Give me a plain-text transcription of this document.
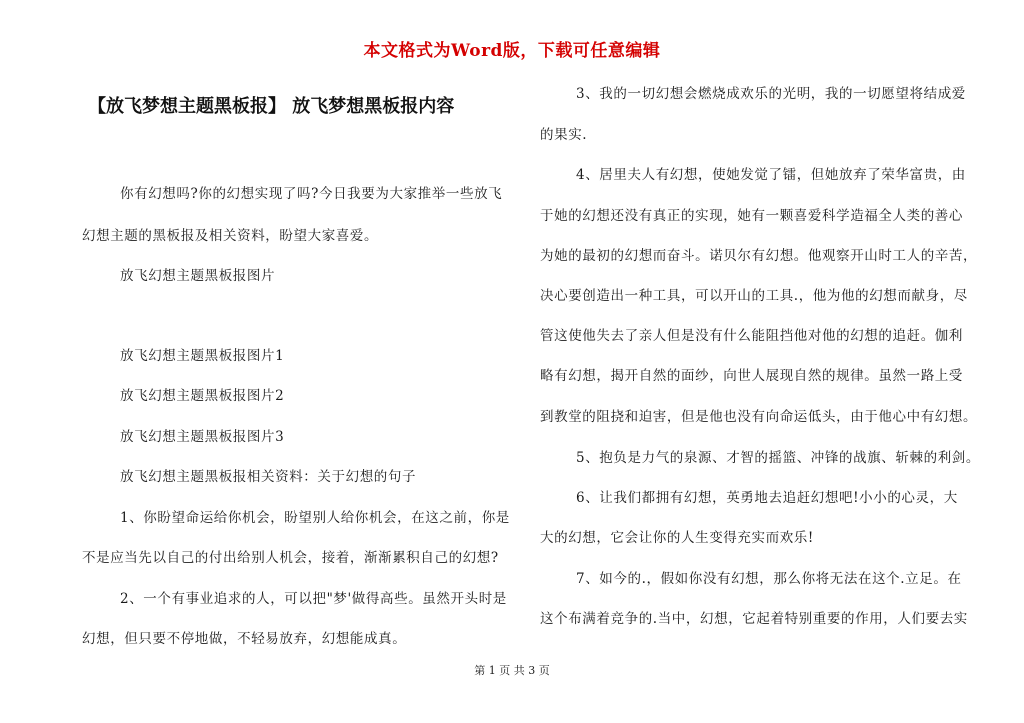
本文格式为Word版，下载可任意编辑
【放飞梦想主题黑板报】 放飞梦想黑板报内容

你有幻想吗?你的幻想实现了吗?今日我要为大家推举一些放飞

幻想主题的黑板报及相关资料，盼望大家喜爱。

放飞幻想主题黑板报图片

放飞幻想主题黑板报图片1

放飞幻想主题黑板报图片2

放飞幻想主题黑板报图片3

放飞幻想主题黑板报相关资料：关于幻想的句子

1、你盼望命运给你机会，盼望别人给你机会，在这之前，你是

不是应当先以自己的付出给别人机会，接着，渐渐累积自己的幻想?

2、一个有事业追求的人，可以把"梦'做得高些。虽然开头时是

幻想，但只要不停地做，不轻易放弃，幻想能成真。

3、我的一切幻想会燃烧成欢乐的光明，我的一切愿望将结成爱

的果实.

4、居里夫人有幻想，使她发觉了镭，但她放弃了荣华富贵，由

于她的幻想还没有真正的实现，她有一颗喜爱科学造福全人类的善心

为她的最初的幻想而奋斗。诺贝尔有幻想。他观察开山时工人的辛苦，

决心要创造出一种工具，可以开山的工具.，他为他的幻想而献身，尽

管这使他失去了亲人但是没有什么能阻挡他对他的幻想的追赶。伽利

略有幻想，揭开自然的面纱，向世人展现自然的规律。虽然一路上受

到教堂的阻挠和迫害，但是他也没有向命运低头，由于他心中有幻想。

5、抱负是力气的泉源、才智的摇篮、冲锋的战旗、斩棘的利剑。

6、让我们都拥有幻想，英勇地去追赶幻想吧!小小的心灵，大

大的幻想，它会让你的人生变得充实而欢乐!

7、如今的.，假如你没有幻想，那么你将无法在这个.立足。在

这个布满着竞争的.当中，幻想，它起着特别重要的作用，人们要去实

第 1 页 共 3 页
